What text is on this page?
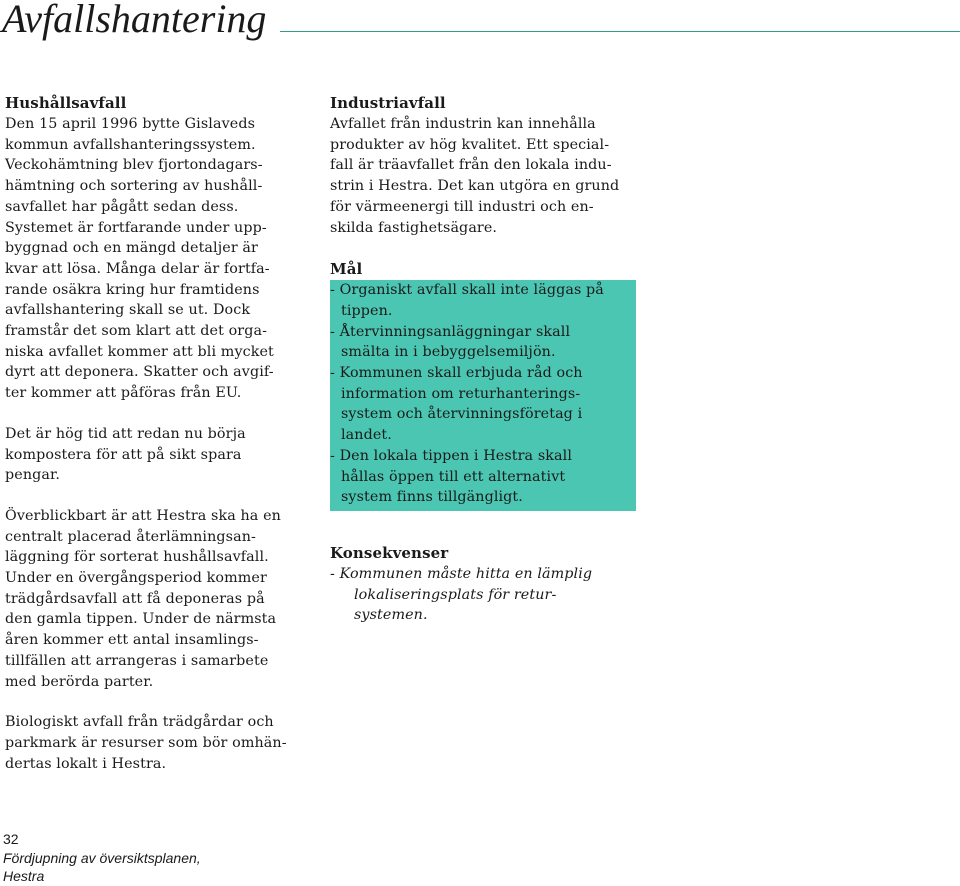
Avfallshantering
Hushållsavfall
Den 15 april 1996 bytte Gislaveds
kommun avfallshanteringssystem.
Veckohämtning blev fjortondagars-
hämtning och sortering av hushåll-
savfallet har pågått sedan dess.
Systemet är fortfarande under upp-
byggnad och en mängd detaljer är
kvar att lösa. Många delar är fortfa-
rande osäkra kring hur framtidens
avfallshantering skall se ut. Dock
framstår det som klart att det orga-
niska avfallet kommer att bli mycket
dyrt att deponera. Skatter och avgif-
ter kommer att påföras från EU.
Det är hög tid att redan nu börja
kompostera för att på sikt spara
pengar.
Överblickbart är att Hestra ska ha en
centralt placerad återlämningsan-
läggning för sorterat hushållsavfall.
Under en övergångsperiod kommer
trädgårdsavfall att få deponeras på
den gamla tippen. Under de närmsta
åren kommer ett antal insamlings-
tillfällen att arrangeras i samarbete
med berörda parter.
Biologiskt avfall från trädgårdar och
parkmark är resurser som bör omhän-
dertas lokalt i Hestra.
Industriavfall
Avfallet från industrin kan innehålla
produkter av hög kvalitet. Ett special-
fall är träavfallet från den lokala indu-
strin i Hestra. Det kan utgöra en grund
för värmeenergi till industri och en-
skilda fastighetsägare.
Mål
- Organiskt avfall skall inte läggas på
tippen.
- Återvinningsanläggningar skall
smälta in i bebyggelsemiljön.
- Kommunen skall erbjuda råd och
information om returhanterings-
system och återvinningsföretag i
landet.
- Den lokala tippen i Hestra skall
hållas öppen till ett alternativt
system finns tillgängligt.
Konsekvenser
- Kommunen måste hitta en lämplig
lokaliseringsplats för retur-
systemen.
32
Fördjupning av översiktsplanen,
Hestra
